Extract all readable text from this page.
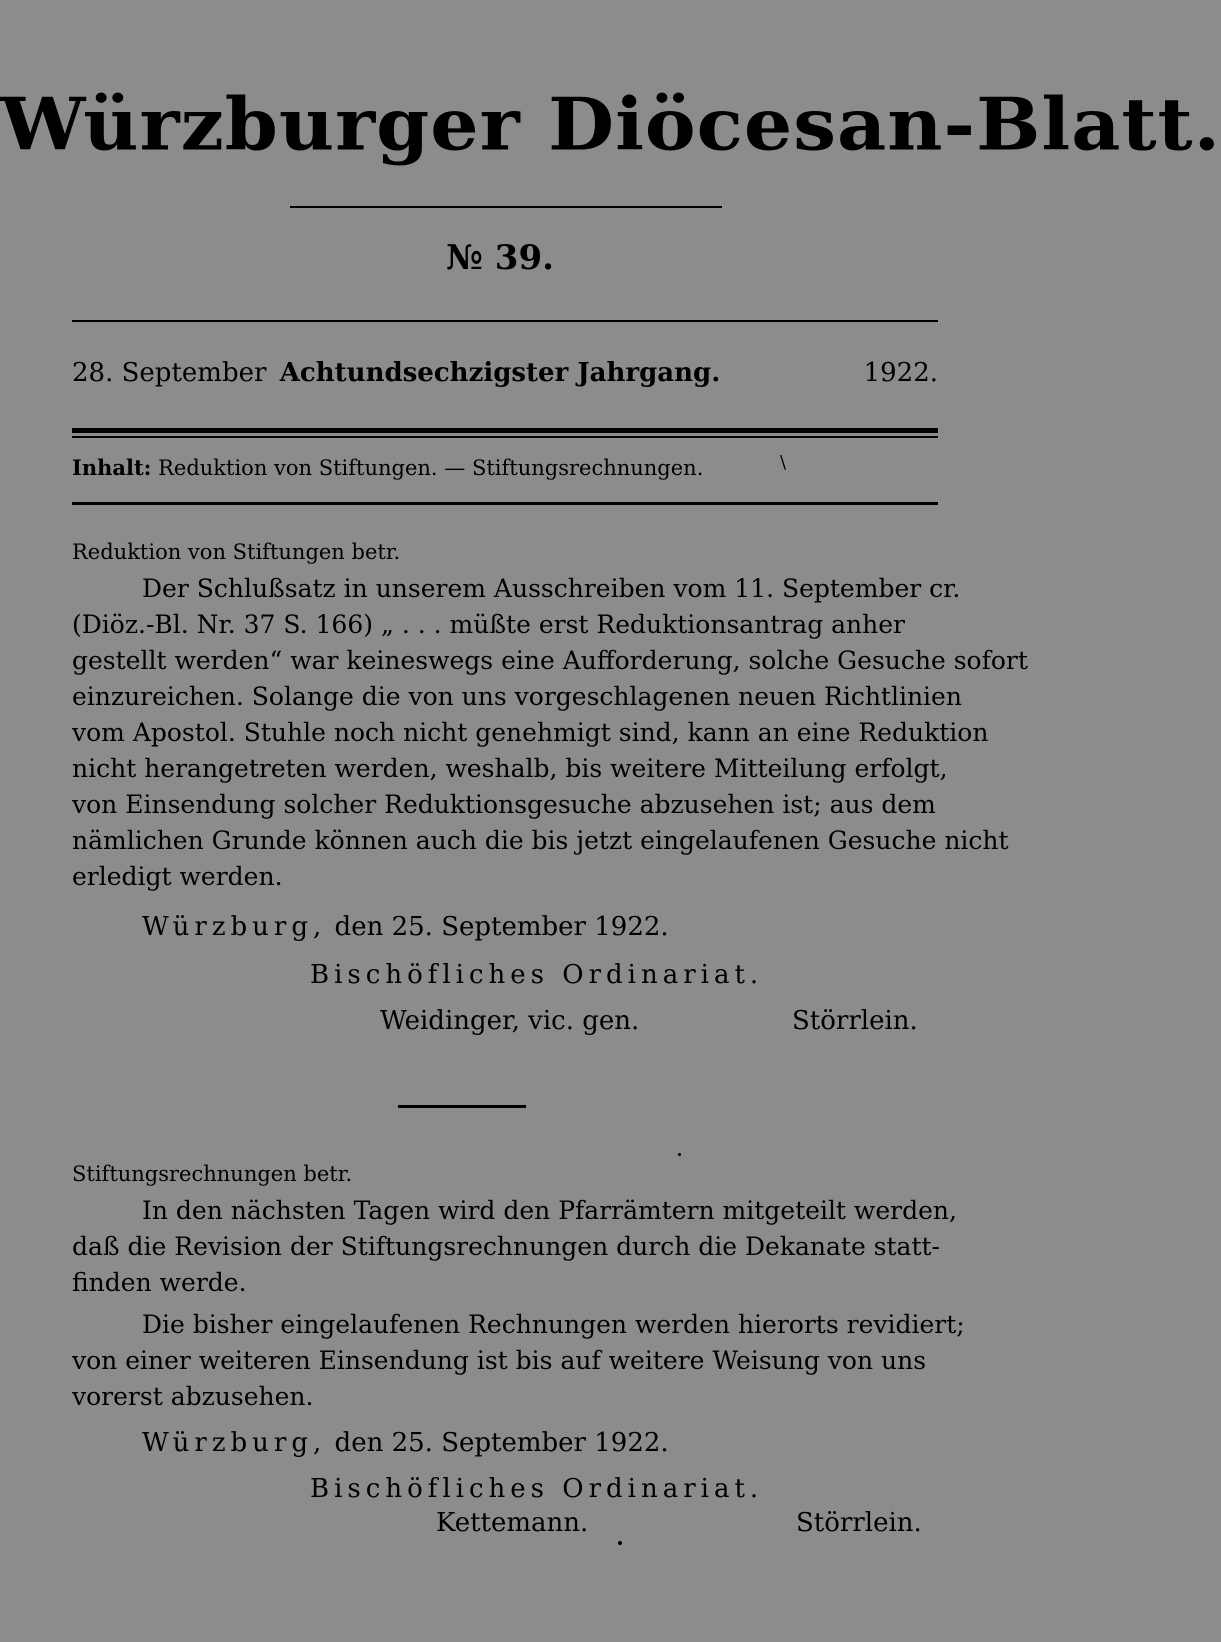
Würzburger Diöcesan-Blatt.
№ 39.
28. September Achtundsechzigster Jahrgang.	1922.
Inhalt: Reduktion von Stiftungen. — Stiftungsrechnungen.	\
Reduktion von Stiftungen betr.
Der Schlußsatz in unserem Ausschreiben vom 11. September cr.
(Diöz.-Bl. Nr. 37 S. 166) „ . . . müßte erst Reduktionsantrag anher
gestellt werden“ war keineswegs eine Aufforderung, solche Gesuche sofort
einzureichen. Solange die von uns vorgeschlagenen neuen Richtlinien
vom Apostol. Stuhle noch nicht genehmigt sind, kann an eine Reduktion
nicht herangetreten werden, weshalb, bis weitere Mitteilung erfolgt,
von Einsendung solcher Reduktionsgesuche abzusehen ist; aus dem
nämlichen Grunde können auch die bis jetzt eingelaufenen Gesuche nicht
erledigt werden.
Würzburg, den 25. September 1922.
Bischöfliches Ordinariat.
Weidinger, vic. gen.	Störrlein.
Stiftungsrechnungen betr.
In den nächsten Tagen wird den Pfarrämtern mitgeteilt werden,
daß die Revision der Stiftungsrechnungen durch die Dekanate statt-
finden werde.
Die bisher eingelaufenen Rechnungen werden hierorts revidiert;
von einer weiteren Einsendung ist bis auf weitere Weisung von uns
vorerst abzusehen.
Würzburg, den 25. September 1922.
Bischöfliches Ordinariat.
Kettemann.	Störrlein.
